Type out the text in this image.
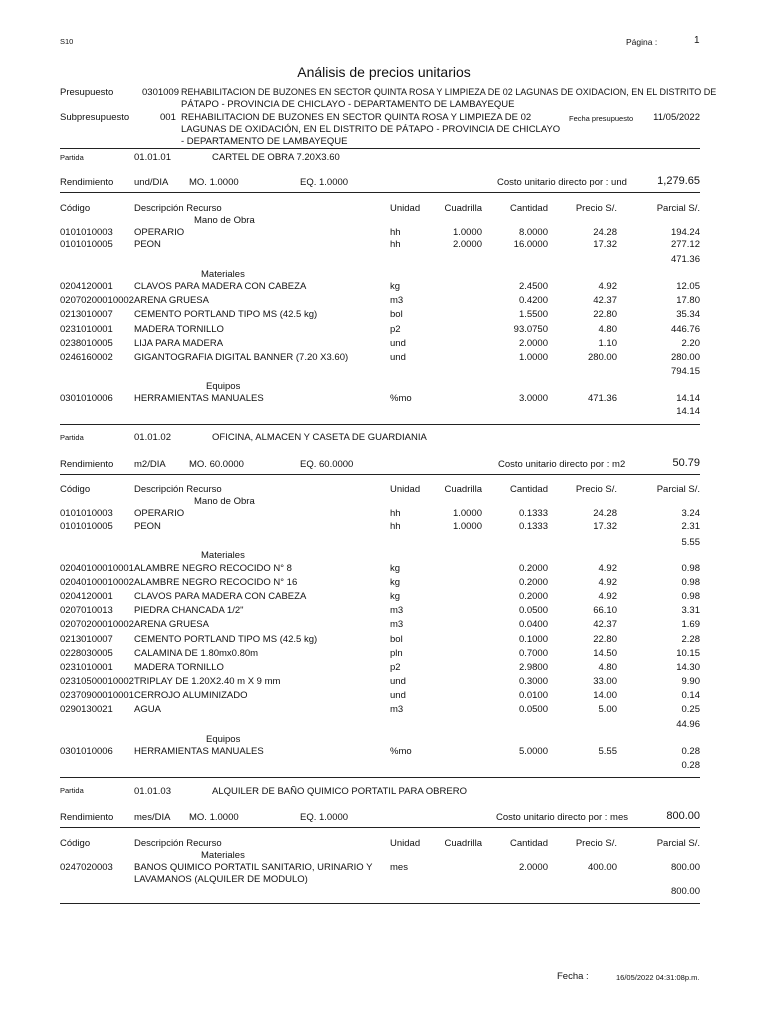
S10	Página :	1
Análisis de precios unitarios
Presupuesto	0301009 REHABILITACION DE BUZONES EN SECTOR QUINTA ROSA Y LIMPIEZA DE 02 LAGUNAS DE OXIDACION, EN EL DISTRITO DE
PÁTAPO - PROVINCIA DE CHICLAYO - DEPARTAMENTO DE LAMBAYEQUE
Subpresupuesto	001 REHABILITACION DE BUZONES EN SECTOR QUINTA ROSA Y LIMPIEZA DE 02
LAGUNAS DE OXIDACIÓN, EN EL DISTRITO DE PÁTAPO - PROVINCIA DE CHICLAYO
- DEPARTAMENTO DE LAMBAYEQUE
Fecha presupuesto	11/05/2022
Partida	01.01.01	CARTEL DE OBRA 7.20X3.60
Rendimiento und/DIA MO. 1.0000	EQ. 1.0000	Costo unitario directo por : und	1,279.65
Código	Descripción Recurso	Unidad	Cuadrilla	Cantidad	Precio S/.	Parcial S/.
Mano de Obra
0101010003 OPERARIO	hh	1.0000	8.0000	24.28	194.24
0101010005 PEON	hh	2.0000	16.0000	17.32	277.12
471.36
Materiales
0204120001 CLAVOS PARA MADERA CON CABEZA	kg	2.4500	4.92	12.05
02070200010002 ARENA GRUESA	m3	0.4200	42.37	17.80
0213010007 CEMENTO PORTLAND TIPO MS (42.5 kg)	bol	1.5500	22.80	35.34
0231010001 MADERA TORNILLO	p2	93.0750	4.80	446.76
0238010005 LIJA PARA MADERA	und	2.0000	1.10	2.20
0246160002 GIGANTOGRAFIA DIGITAL BANNER (7.20 X3.60)	und	1.0000	280.00	280.00
794.15
Equipos
0301010006 HERRAMIENTAS MANUALES	%mo	3.0000	471.36	14.14
14.14
Partida	01.01.02	OFICINA, ALMACEN Y CASETA DE GUARDIANIA
Rendimiento m2/DIA MO. 60.0000	EQ. 60.0000	Costo unitario directo por : m2	50.79
Código	Descripción Recurso	Unidad	Cuadrilla	Cantidad	Precio S/.	Parcial S/.
Mano de Obra
0101010003 OPERARIO	hh	1.0000	0.1333	24.28	3.24
0101010005 PEON	hh	1.0000	0.1333	17.32	2.31
5.55
Materiales
02040100010001 ALAMBRE NEGRO RECOCIDO N° 8	kg	0.2000	4.92	0.98
02040100010002 ALAMBRE NEGRO RECOCIDO N° 16	kg	0.2000	4.92	0.98
0204120001 CLAVOS PARA MADERA CON CABEZA	kg	0.2000	4.92	0.98
0207010013 PIEDRA CHANCADA 1/2"	m3	0.0500	66.10	3.31
02070200010002 ARENA GRUESA	m3	0.0400	42.37	1.69
0213010007 CEMENTO PORTLAND TIPO MS (42.5 kg)	bol	0.1000	22.80	2.28
0228030005 CALAMINA DE 1.80mx0.80m	pln	0.7000	14.50	10.15
0231010001 MADERA TORNILLO	p2	2.9800	4.80	14.30
02310500010002 TRIPLAY DE 1.20X2.40 m X 9 mm	und	0.3000	33.00	9.90
02370900010001 CERROJO ALUMINIZADO	und	0.0100	14.00	0.14
0290130021 AGUA	m3	0.0500	5.00	0.25
44.96
Equipos
0301010006 HERRAMIENTAS MANUALES	%mo	5.0000	5.55	0.28
0.28
Partida	01.01.03	ALQUILER DE BAÑO QUIMICO PORTATIL PARA OBRERO
Rendimiento mes/DIA MO. 1.0000	EQ. 1.0000	Costo unitario directo por : mes	800.00
Código	Descripción Recurso	Unidad	Cuadrilla	Cantidad	Precio S/.	Parcial S/.
Materiales
0247020003 BANOS QUIMICO PORTATIL SANITARIO, URINARIO Y
LAVAMANOS (ALQUILER DE MODULO)
mes	2.0000	400.00	800.00
800.00
Fecha :	16/05/2022 04:31:08p.m.
